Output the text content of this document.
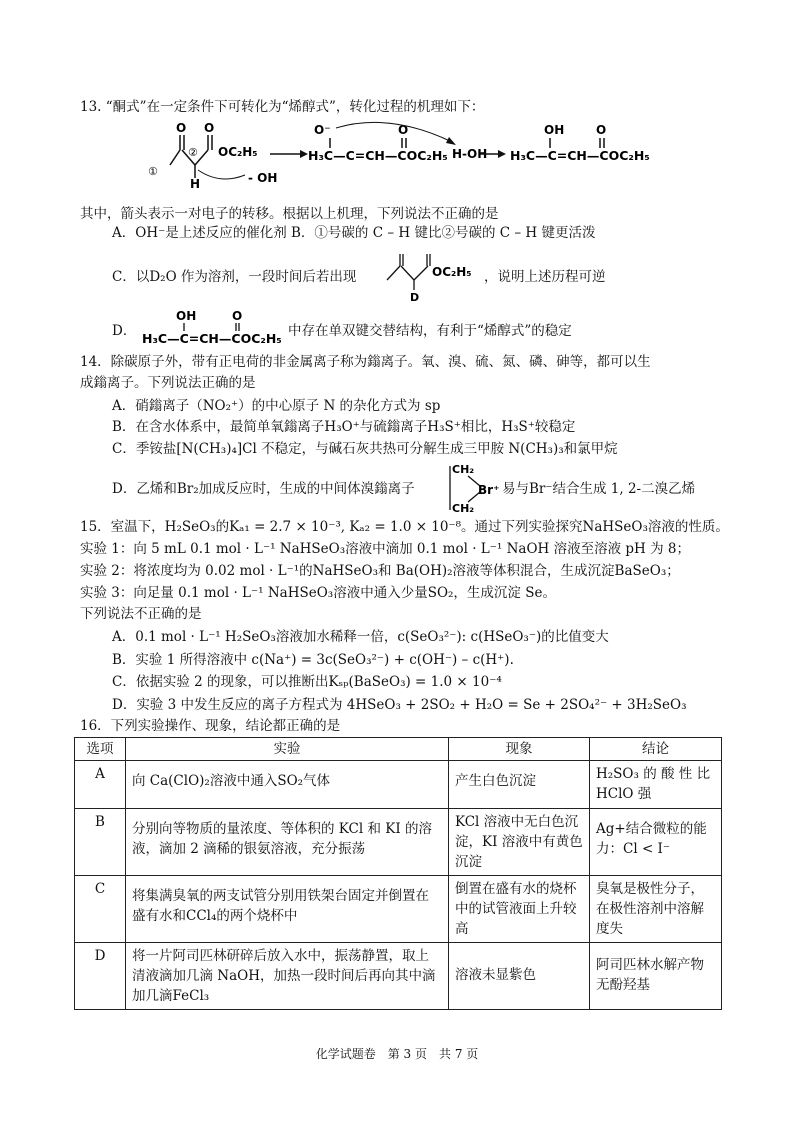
13. “酮式”在一定条件下可转化为“烯醇式”，转化过程的机理如下：
O O
H
①
② OC₂H₅
- OH
O⁻	O
H₃C—C=CH—COC₂H₅ H-OH
OH	O
H₃C—C=CH—COC₂H₅
其中，箭头表示一对电子的转移。根据以上机理，下列说法不正确的是
A．OH⁻是上述反应的催化剂 B．①号碳的 C – H 键比②号碳的 C – H 键更活泼
C．以D₂O 作为溶剂，一段时间后若出现
D
OC₂H₅ ，说明上述历程可逆
D．
OH	O
H₃C—C=CH—COC₂H₅ 中存在单双键交替结构，有利于“烯醇式”的稳定
14．除碳原子外，带有正电荷的非金属离子称为鎓离子。氧、溴、硫、氮、磷、砷等，都可以生
成鎓离子。下列说法正确的是
A．硝鎓离子（NO₂⁺）的中心原子 N 的杂化方式为 sp
B．在含水体系中，最简单氧鎓离子H₃O⁺与硫鎓离子H₃S⁺相比，H₃S⁺较稳定
C．季铵盐[N(CH₃)₄]Cl 不稳定，与碱石灰共热可分解生成三甲胺 N(CH₃)₃和氯甲烷
D．乙烯和Br₂加成反应时，生成的中间体溴鎓离子
CH₂
CH₂
Br⁺ 易与Br⁻结合生成 1, 2-二溴乙烯
15．室温下，H₂SeO₃的Kₐ₁ = 2.7 × 10⁻³, Kₐ₂ = 1.0 × 10⁻⁸。通过下列实验探究NaHSeO₃溶液的性质。
实验 1：向 5 mL 0.1 mol · L⁻¹ NaHSeO₃溶液中滴加 0.1 mol · L⁻¹ NaOH 溶液至溶液 pH 为 8；
实验 2：将浓度均为 0.02 mol · L⁻¹的NaHSeO₃和 Ba(OH)₂溶液等体积混合，生成沉淀BaSeO₃；
实验 3：向足量 0.1 mol · L⁻¹ NaHSeO₃溶液中通入少量SO₂，生成沉淀 Se。
下列说法不正确的是
A．0.1 mol · L⁻¹ H₂SeO₃溶液加水稀释一倍，c(SeO₃²⁻): c(HSeO₃⁻)的比值变大
B．实验 1 所得溶液中 c(Na⁺) = 3c(SeO₃²⁻) + c(OH⁻) – c(H⁺).
C．依据实验 2 的现象，可以推断出Kₛₚ(BaSeO₃) = 1.0 × 10⁻⁴
D．实验 3 中发生反应的离子方程式为 4HSeO₃ + 2SO₂ + H₂O = Se + 2SO₄²⁻ + 3H₂SeO₃
16．下列实验操作、现象，结论都正确的是
选项	实验	现象	结论
A	向 Ca(ClO)₂溶液中通入SO₂气体	产生白色沉淀	H₂SO₃ 的 酸 性 比 HClO 强
B	分别向等物质的量浓度、等体积的 KCl 和 KI 的溶液，滴加 2 滴稀的银氨溶液，充分振荡	KCl 溶液中无白色沉淀，KI 溶液中有黄色沉淀	Ag+结合微粒的能力：Cl < I⁻
C	将集满臭氧的两支试管分别用铁架台固定并倒置在盛有水和CCl₄的两个烧杯中	倒置在盛有水的烧杯中的试管液面上升较高	臭氧是极性分子，在极性溶剂中溶解度失
D	将一片阿司匹林研碎后放入水中，振荡静置，取上清液滴加几滴 NaOH，加热一段时间后再向其中滴加几滴FeCl₃	溶液未显紫色	阿司匹林水解产物无酚羟基
化学试题卷　第 3 页　共 7 页
